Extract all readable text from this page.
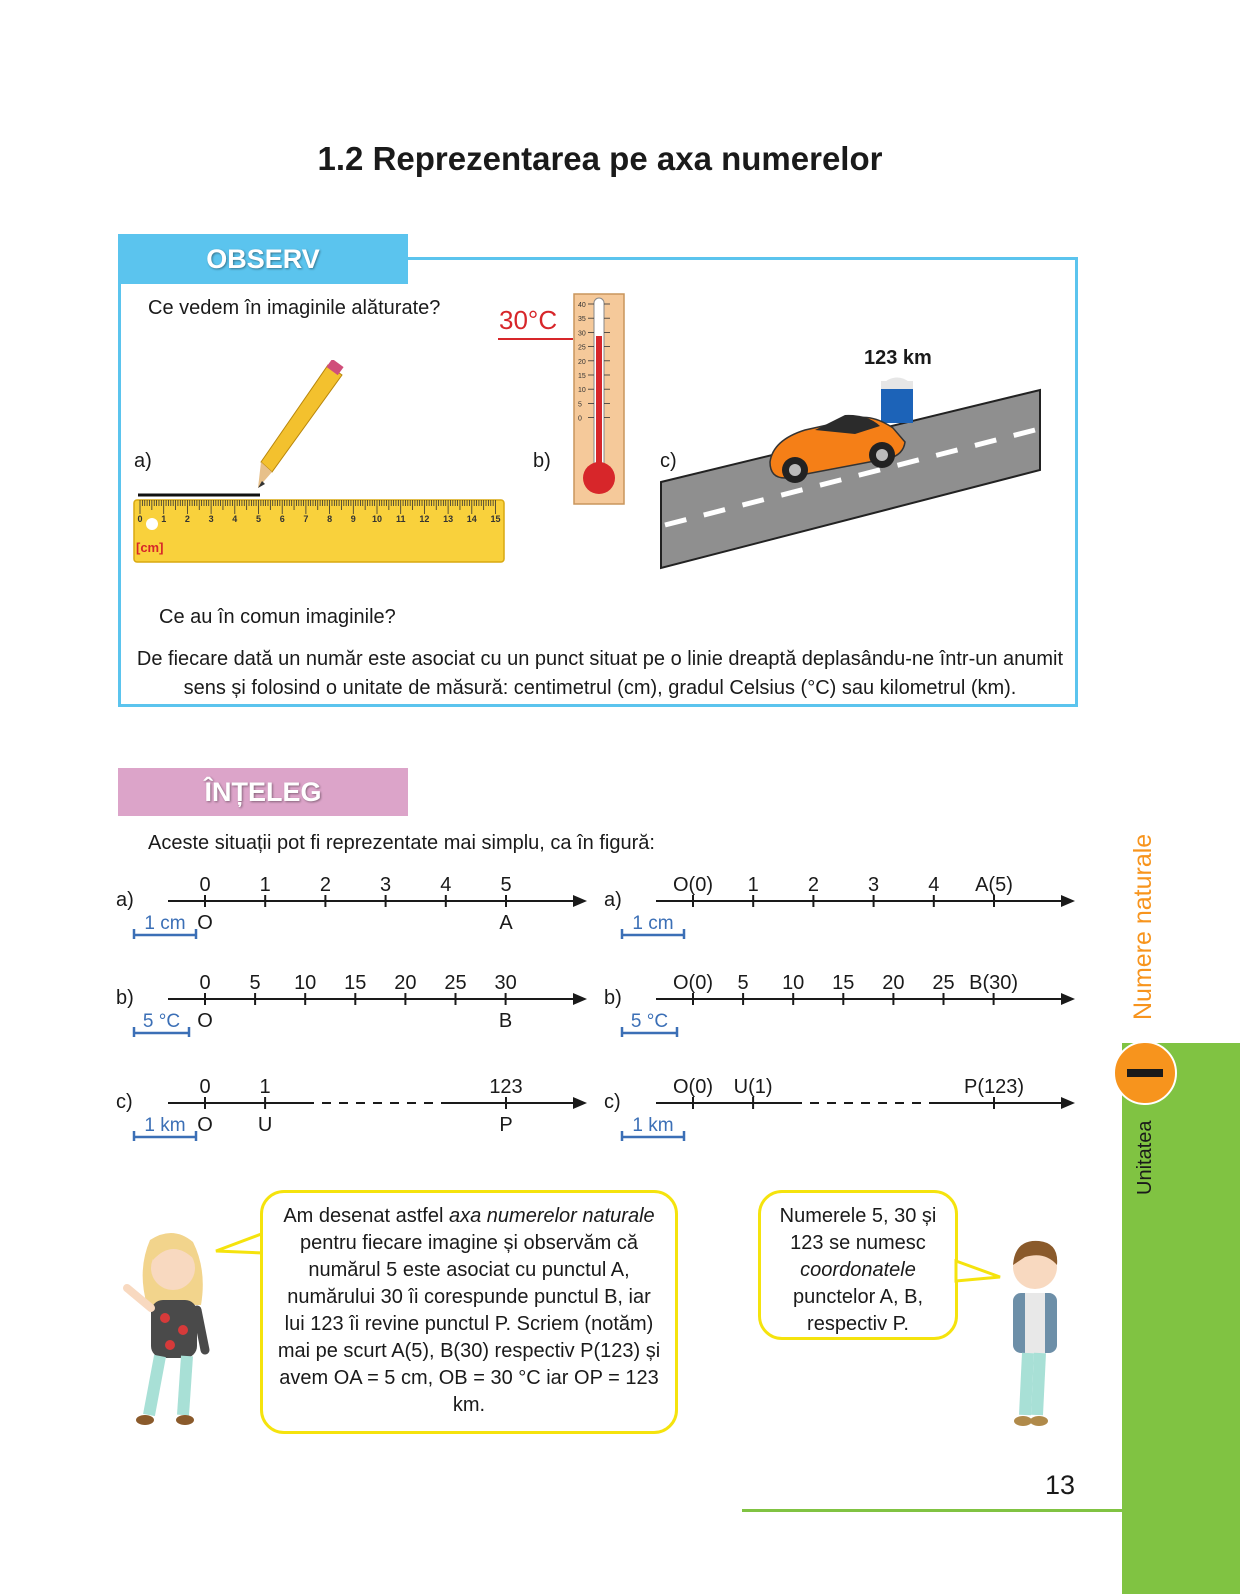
1.2 Reprezentarea pe axa numerelor
OBSERV
Ce vedem în imaginile alăturate?
a)	b)	c)
0 1 2 3 4 5 6 7 8 9 10 11 12 13 14 15
[cm]
30°C	40
35
30
25
20
15
10
5
0
123 km
Ce au în comun imaginile?
De fiecare dată un număr este asociat cu un punct situat pe o linie dreaptă deplasându-ne într-un anumit sens și folosind o unitate de măsură: centimetrul (cm), gradul Celsius (°C) sau kilometrul (km).
ÎNȚELEG
Aceste situații pot fi reprezentate mai simplu, ca în figură:
a)
0
O
1 2 3 4 5
A
1 cm
b)
0
O
5 10 15 20 25 30
B
5 °C
c)
0
O
1
U
123
P
1 km
a)
O(0) 1 2 3 4 A(5)
1 cm
b)
O(0) 5 10 15 20 25 B(30)
5 °C
c)
O(0) U(1)	P(123)
1 km
Am desenat astfel axa numerelor naturale pentru fiecare imagine și observăm că numărul 5 este asociat cu punctul A, numărului 30 îi corespunde punctul B, iar lui 123 îi revine punctul P. Scriem (notăm) mai pe scurt A(5), B(30) respectiv P(123) și avem OA = 5 cm, OB = 30 °C iar OP = 123 km.
Numerele 5, 30 și 123 se numesc coordonatele punctelor A, B, respectiv P.
Numere naturale
Unitatea
13
